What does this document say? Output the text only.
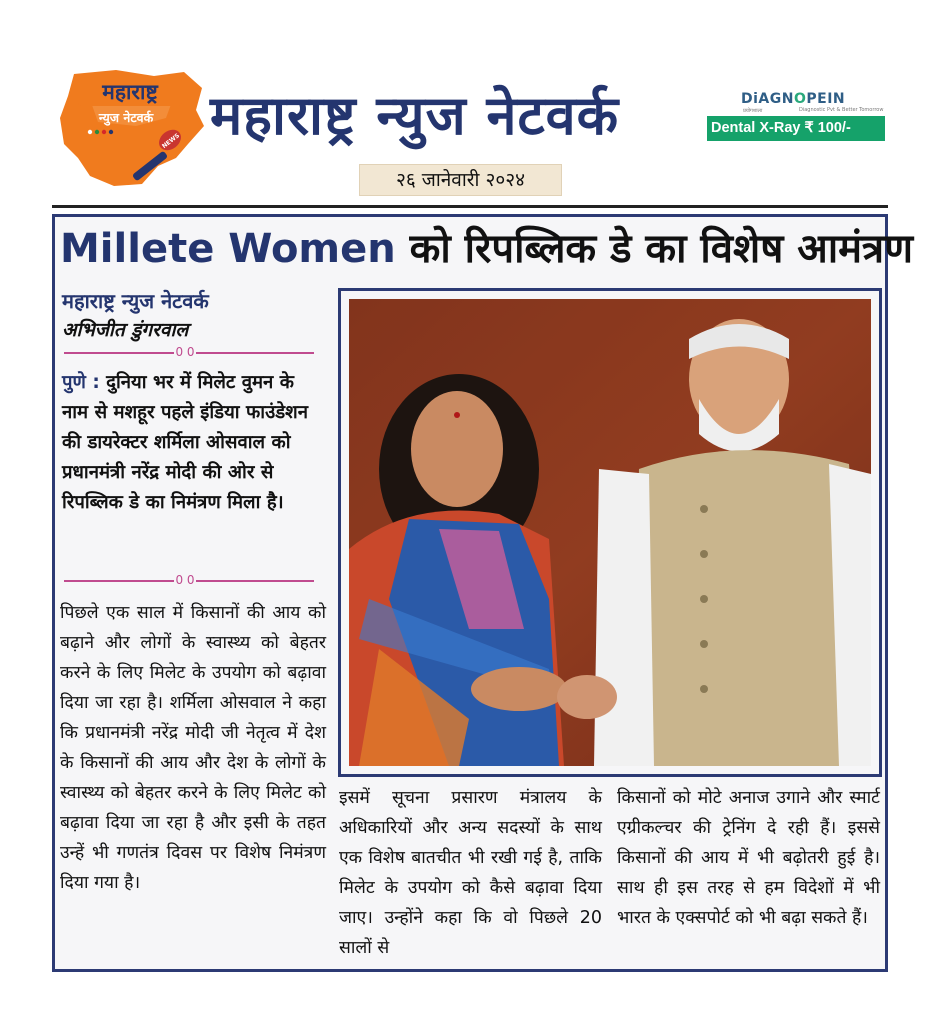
महाराष्ट्र
न्युज नेटवर्क
NEWS महाराष्ट्र न्युज नेटवर्क
२६ जानेवारी २०२४
DiAGNOPEIN
प्रयोगशाला	Diagnostic Pvt & Better Tomorrow
Dental X-Ray ₹ 100/-
Millete Women को रिपब्लिक डे का विशेष आमंत्रण
महाराष्ट्र न्युज नेटवर्क
अभिजीत डुंगरवाल
0 0
पुणे : दुनिया भर में मिलेट वुमन के नाम से मशहूर पहले इंडिया फाउंडेशन की डायरेक्टर शर्मिला ओसवाल को प्रधानमंत्री नरेंद्र मोदी की ओर से रिपब्लिक डे का निमंत्रण मिला है।
0 0
पिछले एक साल में किसानों की आय को बढ़ाने और लोगों के स्वास्थ्य को बेहतर करने के लिए मिलेट के उपयोग को बढ़ावा दिया जा रहा है। शर्मिला ओसवाल ने कहा कि प्रधानमंत्री नरेंद्र मोदी जी नेतृत्व में देश के किसानों की आय और देश के लोगों के स्वास्थ्य को बेहतर करने के लिए मिलेट को बढ़ावा दिया जा रहा है और इसी के तहत उन्हें भी गणतंत्र दिवस पर विशेष निमंत्रण दिया गया है।
इसमें सूचना प्रसारण मंत्रालय के अधिकारियों और अन्य सदस्यों के साथ एक विशेष बातचीत भी रखी गई है, ताकि मिलेट के उपयोग को कैसे बढ़ावा दिया जाए। उन्होंने कहा कि वो पिछले 20 सालों से
किसानों को मोटे अनाज उगाने और स्मार्ट एग्रीकल्चर की ट्रेनिंग दे रही हैं। इससे किसानों की आय में भी बढ़ोतरी हुई है। साथ ही इस तरह से हम विदेशों में भी भारत के एक्सपोर्ट को भी बढ़ा सकते हैं।
